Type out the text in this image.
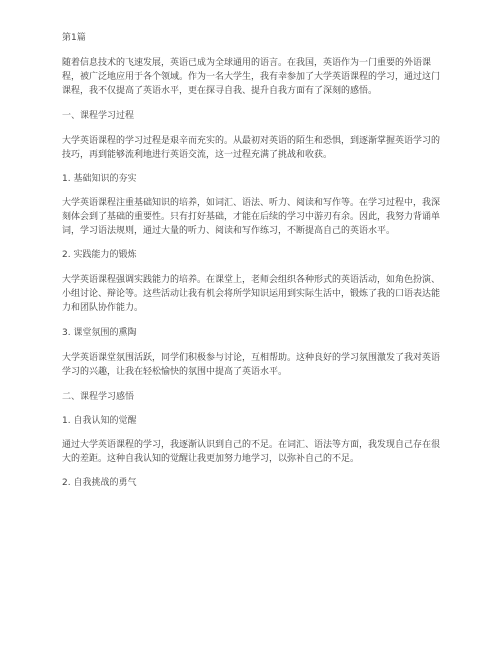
第1篇

随着信息技术的飞速发展，英语已成为全球通用的语言。在我国，英语作为一门重要的外语课程，被广泛地应用于各个领域。作为一名大学生，我有幸参加了大学英语课程的学习，通过这门课程，我不仅提高了英语水平，更在探寻自我、提升自我方面有了深刻的感悟。

一、课程学习过程

大学英语课程的学习过程是艰辛而充实的。从最初对英语的陌生和恐惧，到逐渐掌握英语学习的技巧，再到能够流利地进行英语交流，这一过程充满了挑战和收获。

1. 基础知识的夯实

大学英语课程注重基础知识的培养，如词汇、语法、听力、阅读和写作等。在学习过程中，我深刻体会到了基础的重要性。只有打好基础，才能在后续的学习中游刃有余。因此，我努力背诵单词，学习语法规则，通过大量的听力、阅读和写作练习，不断提高自己的英语水平。

2. 实践能力的锻炼

大学英语课程强调实践能力的培养。在课堂上，老师会组织各种形式的英语活动，如角色扮演、小组讨论、辩论等。这些活动让我有机会将所学知识运用到实际生活中，锻炼了我的口语表达能力和团队协作能力。

3. 课堂氛围的熏陶

大学英语课堂氛围活跃，同学们积极参与讨论，互相帮助。这种良好的学习氛围激发了我对英语学习的兴趣，让我在轻松愉快的氛围中提高了英语水平。

二、课程学习感悟

1. 自我认知的觉醒

通过大学英语课程的学习，我逐渐认识到自己的不足。在词汇、语法等方面，我发现自己存在很大的差距。这种自我认知的觉醒让我更加努力地学习，以弥补自己的不足。

2. 自我挑战的勇气
